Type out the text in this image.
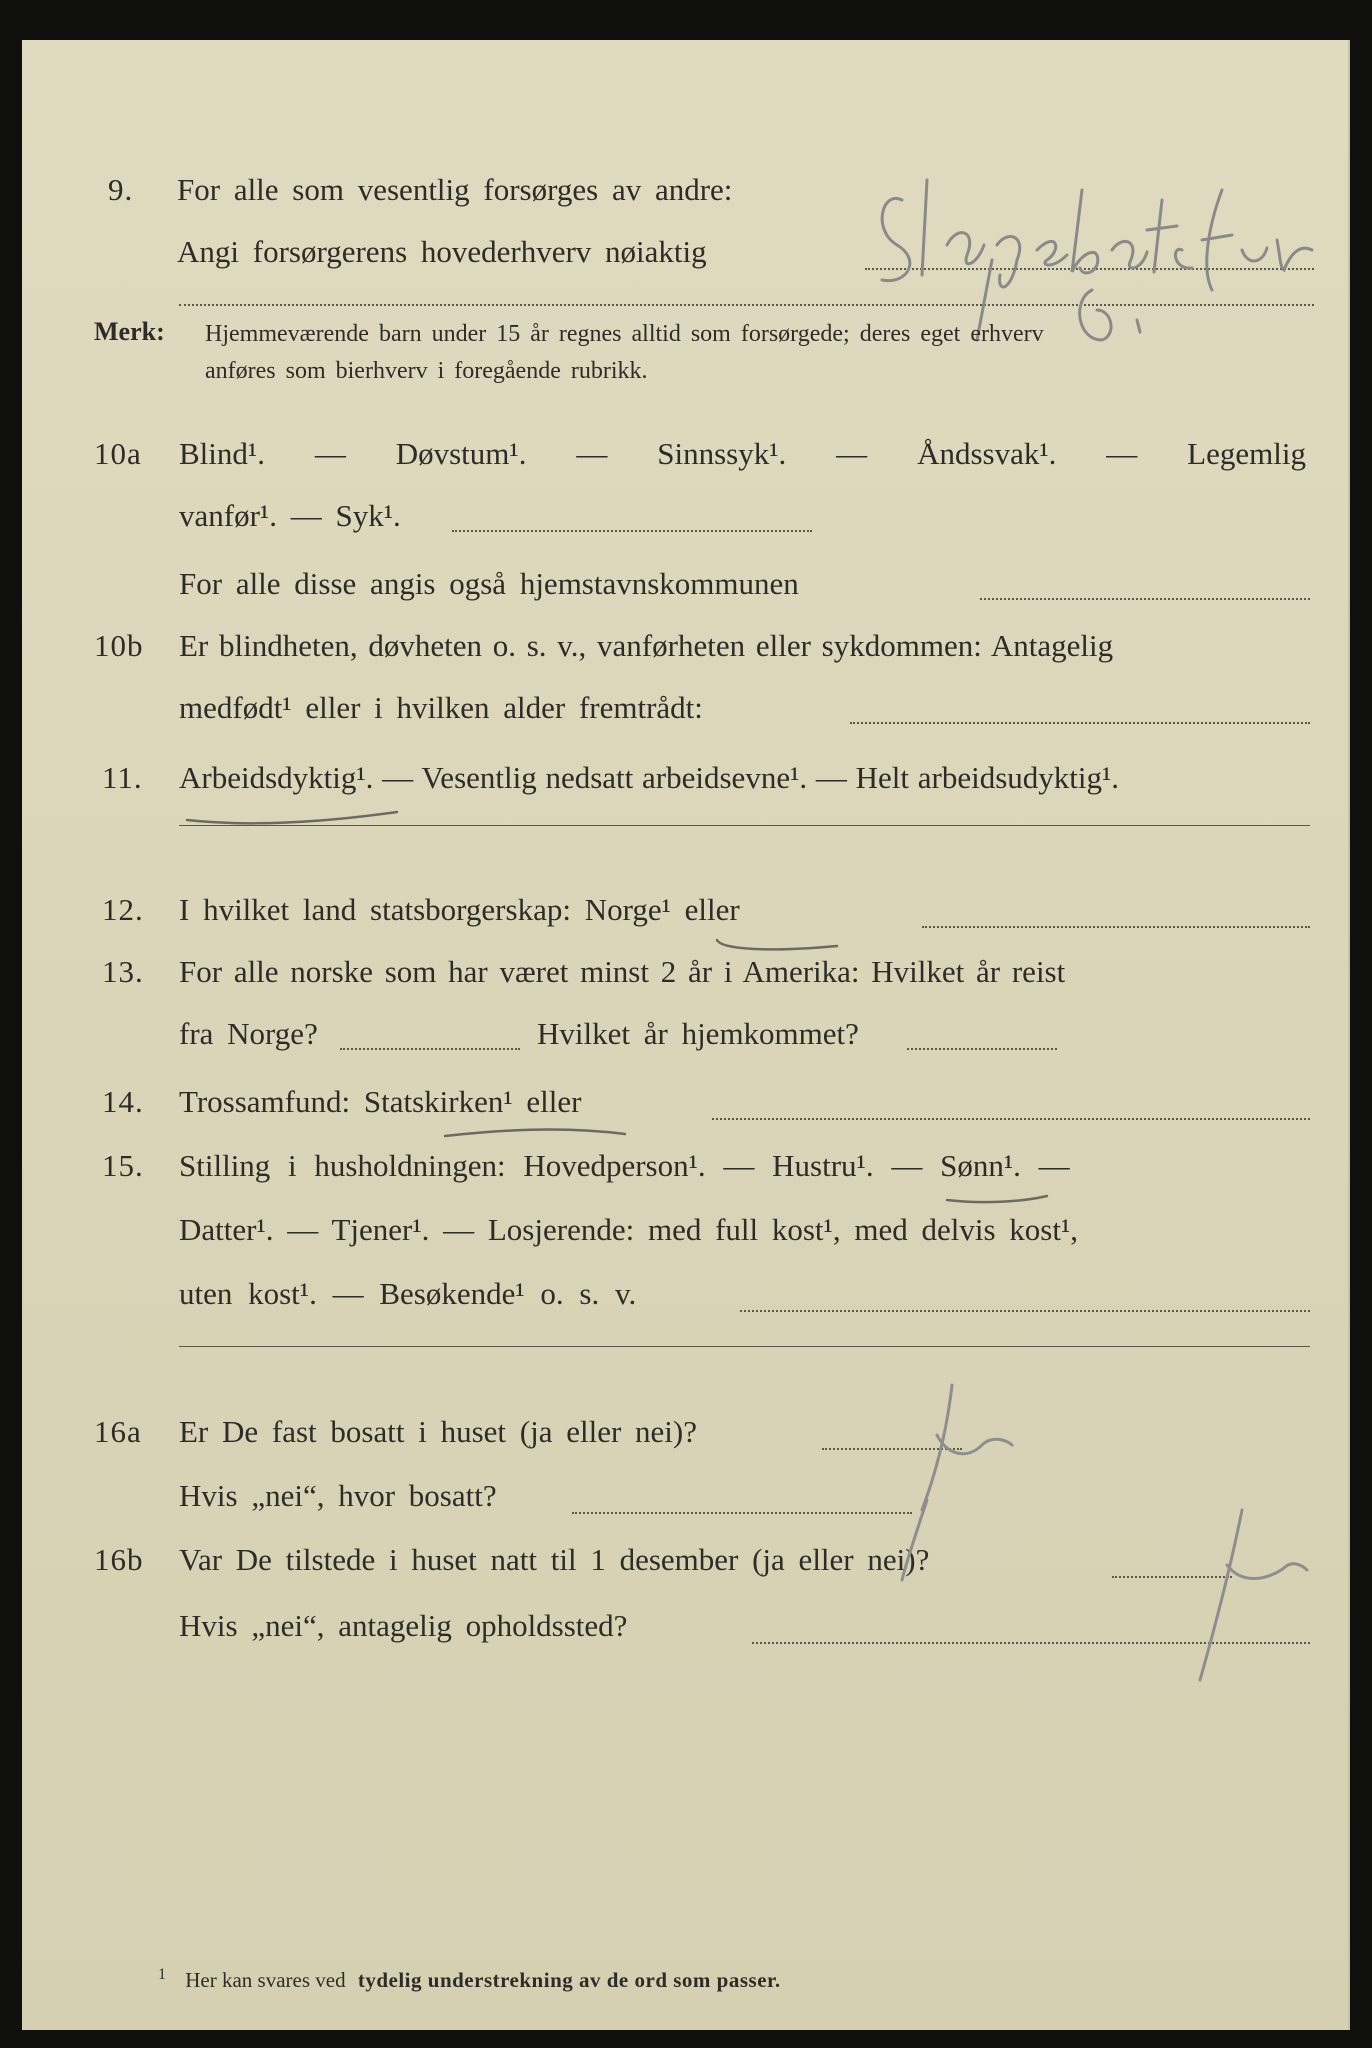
9.	For alle som vesentlig forsørges av andre:
Angi forsørgerens hovederhverv nøiaktig
Merk: Hjemmeværende barn under 15 år regnes alltid som forsørgede; deres eget erhverv
anføres som bierhverv i foregående rubrikk.
10a	Blind¹. — Døvstum¹. — Sinnssyk¹. — Åndssvak¹. — Legemlig
vanfør¹. — Syk¹.
For alle disse angis også hjemstavnskommunen
10b	Er blindheten, døvheten o. s. v., vanførheten eller sykdommen: Antagelig
medfødt¹ eller i hvilken alder fremtrådt:
11.	Arbeidsdyktig¹. — Vesentlig nedsatt arbeidsevne¹. — Helt arbeidsudyktig¹.
12.	I hvilket land statsborgerskap: Norge¹ eller
13.	For alle norske som har været minst 2 år i Amerika: Hvilket år reist
fra Norge?	Hvilket år hjemkommet?
14.	Trossamfund: Statskirken¹ eller
15.	Stilling i husholdningen: Hovedperson¹. — Hustru¹. — Sønn¹. —
Datter¹. — Tjener¹. — Losjerende: med full kost¹, med delvis kost¹,
uten kost¹. — Besøkende¹ o. s. v.
16a	Er De fast bosatt i huset (ja eller nei)?
Hvis „nei“, hvor bosatt?
16b	Var De tilstede i huset natt til 1 desember (ja eller nei)?
Hvis „nei“, antagelig opholdssted?
$^1$ Her kan svares ved tydelig understrekning av de ord som passer.
